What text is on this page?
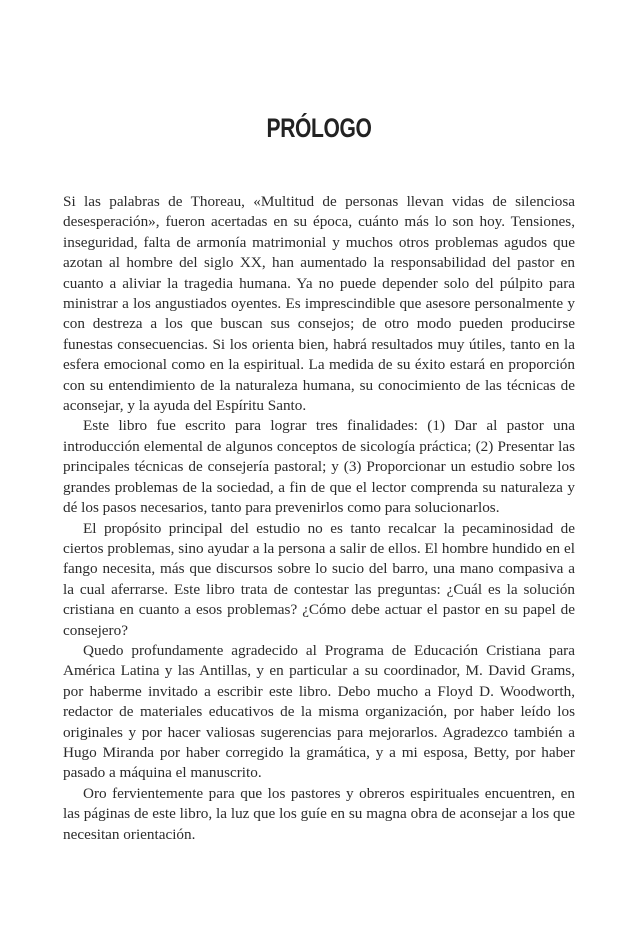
PRÓLOGO

Si las palabras de Thoreau, «Multitud de personas llevan vidas de silenciosa desesperación», fueron acertadas en su época, cuánto más lo son hoy. Tensiones, inseguridad, falta de armonía matrimonial y muchos otros problemas agudos que azotan al hombre del siglo XX, han aumentado la responsabilidad del pastor en cuanto a aliviar la tragedia humana. Ya no puede depender solo del púlpito para ministrar a los angustiados oyentes. Es imprescindible que asesore personalmente y con destreza a los que buscan sus consejos; de otro modo pueden producirse funestas consecuencias. Si los orienta bien, habrá resultados muy útiles, tanto en la esfera emocional como en la espiritual. La medida de su éxito estará en proporción con su entendimiento de la naturaleza humana, su conocimiento de las técnicas de aconsejar, y la ayuda del Espíritu Santo.

Este libro fue escrito para lograr tres finalidades: (1) Dar al pastor una introducción elemental de algunos conceptos de sicología práctica; (2) Presentar las principales técnicas de consejería pastoral; y (3) Proporcionar un estudio sobre los grandes problemas de la sociedad, a fin de que el lector comprenda su naturaleza y dé los pasos necesarios, tanto para prevenirlos como para solucionarlos.

El propósito principal del estudio no es tanto recalcar la pecaminosidad de ciertos problemas, sino ayudar a la persona a salir de ellos. El hombre hundido en el fango necesita, más que discursos sobre lo sucio del barro, una mano compasiva a la cual aferrarse. Este libro trata de contestar las preguntas: ¿Cuál es la solución cristiana en cuanto a esos problemas? ¿Cómo debe actuar el pastor en su papel de consejero?

Quedo profundamente agradecido al Programa de Educación Cristiana para América Latina y las Antillas, y en particular a su coordinador, M. David Grams, por haberme invitado a escribir este libro. Debo mucho a Floyd D. Woodworth, redactor de materiales educativos de la misma organización, por haber leído los originales y por hacer valiosas sugerencias para mejorarlos. Agradezco también a Hugo Miranda por haber corregido la gramática, y a mi esposa, Betty, por haber pasado a máquina el manuscrito.

Oro fervientemente para que los pastores y obreros espirituales encuentren, en las páginas de este libro, la luz que los guíe en su magna obra de aconsejar a los que necesitan orientación.
